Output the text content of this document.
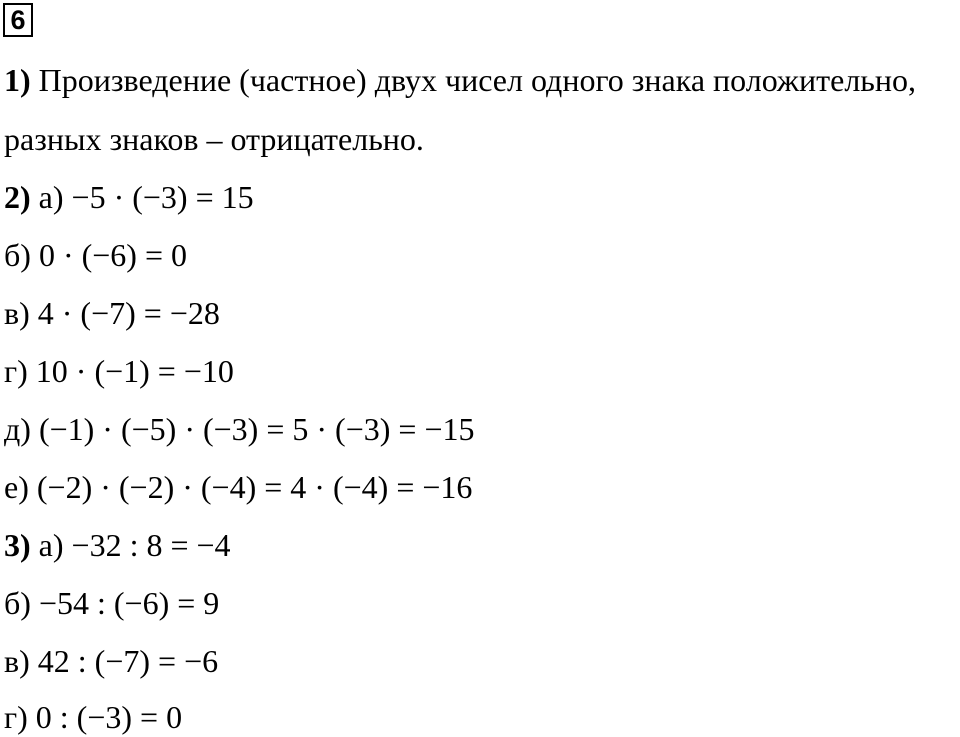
6
1) Произведение (частное) двух чисел одного знака положительно,
разных знаков – отрицательно.
2) а) −5 · (−3) = 15
б) 0 · (−6) = 0
в) 4 · (−7) = −28
г) 10 · (−1) = −10
д) (−1) · (−5) · (−3) = 5 · (−3) = −15
е) (−2) · (−2) · (−4) = 4 · (−4) = −16
3) а) −32 : 8 = −4
б) −54 : (−6) = 9
в) 42 : (−7) = −6
г) 0 : (−3) = 0
